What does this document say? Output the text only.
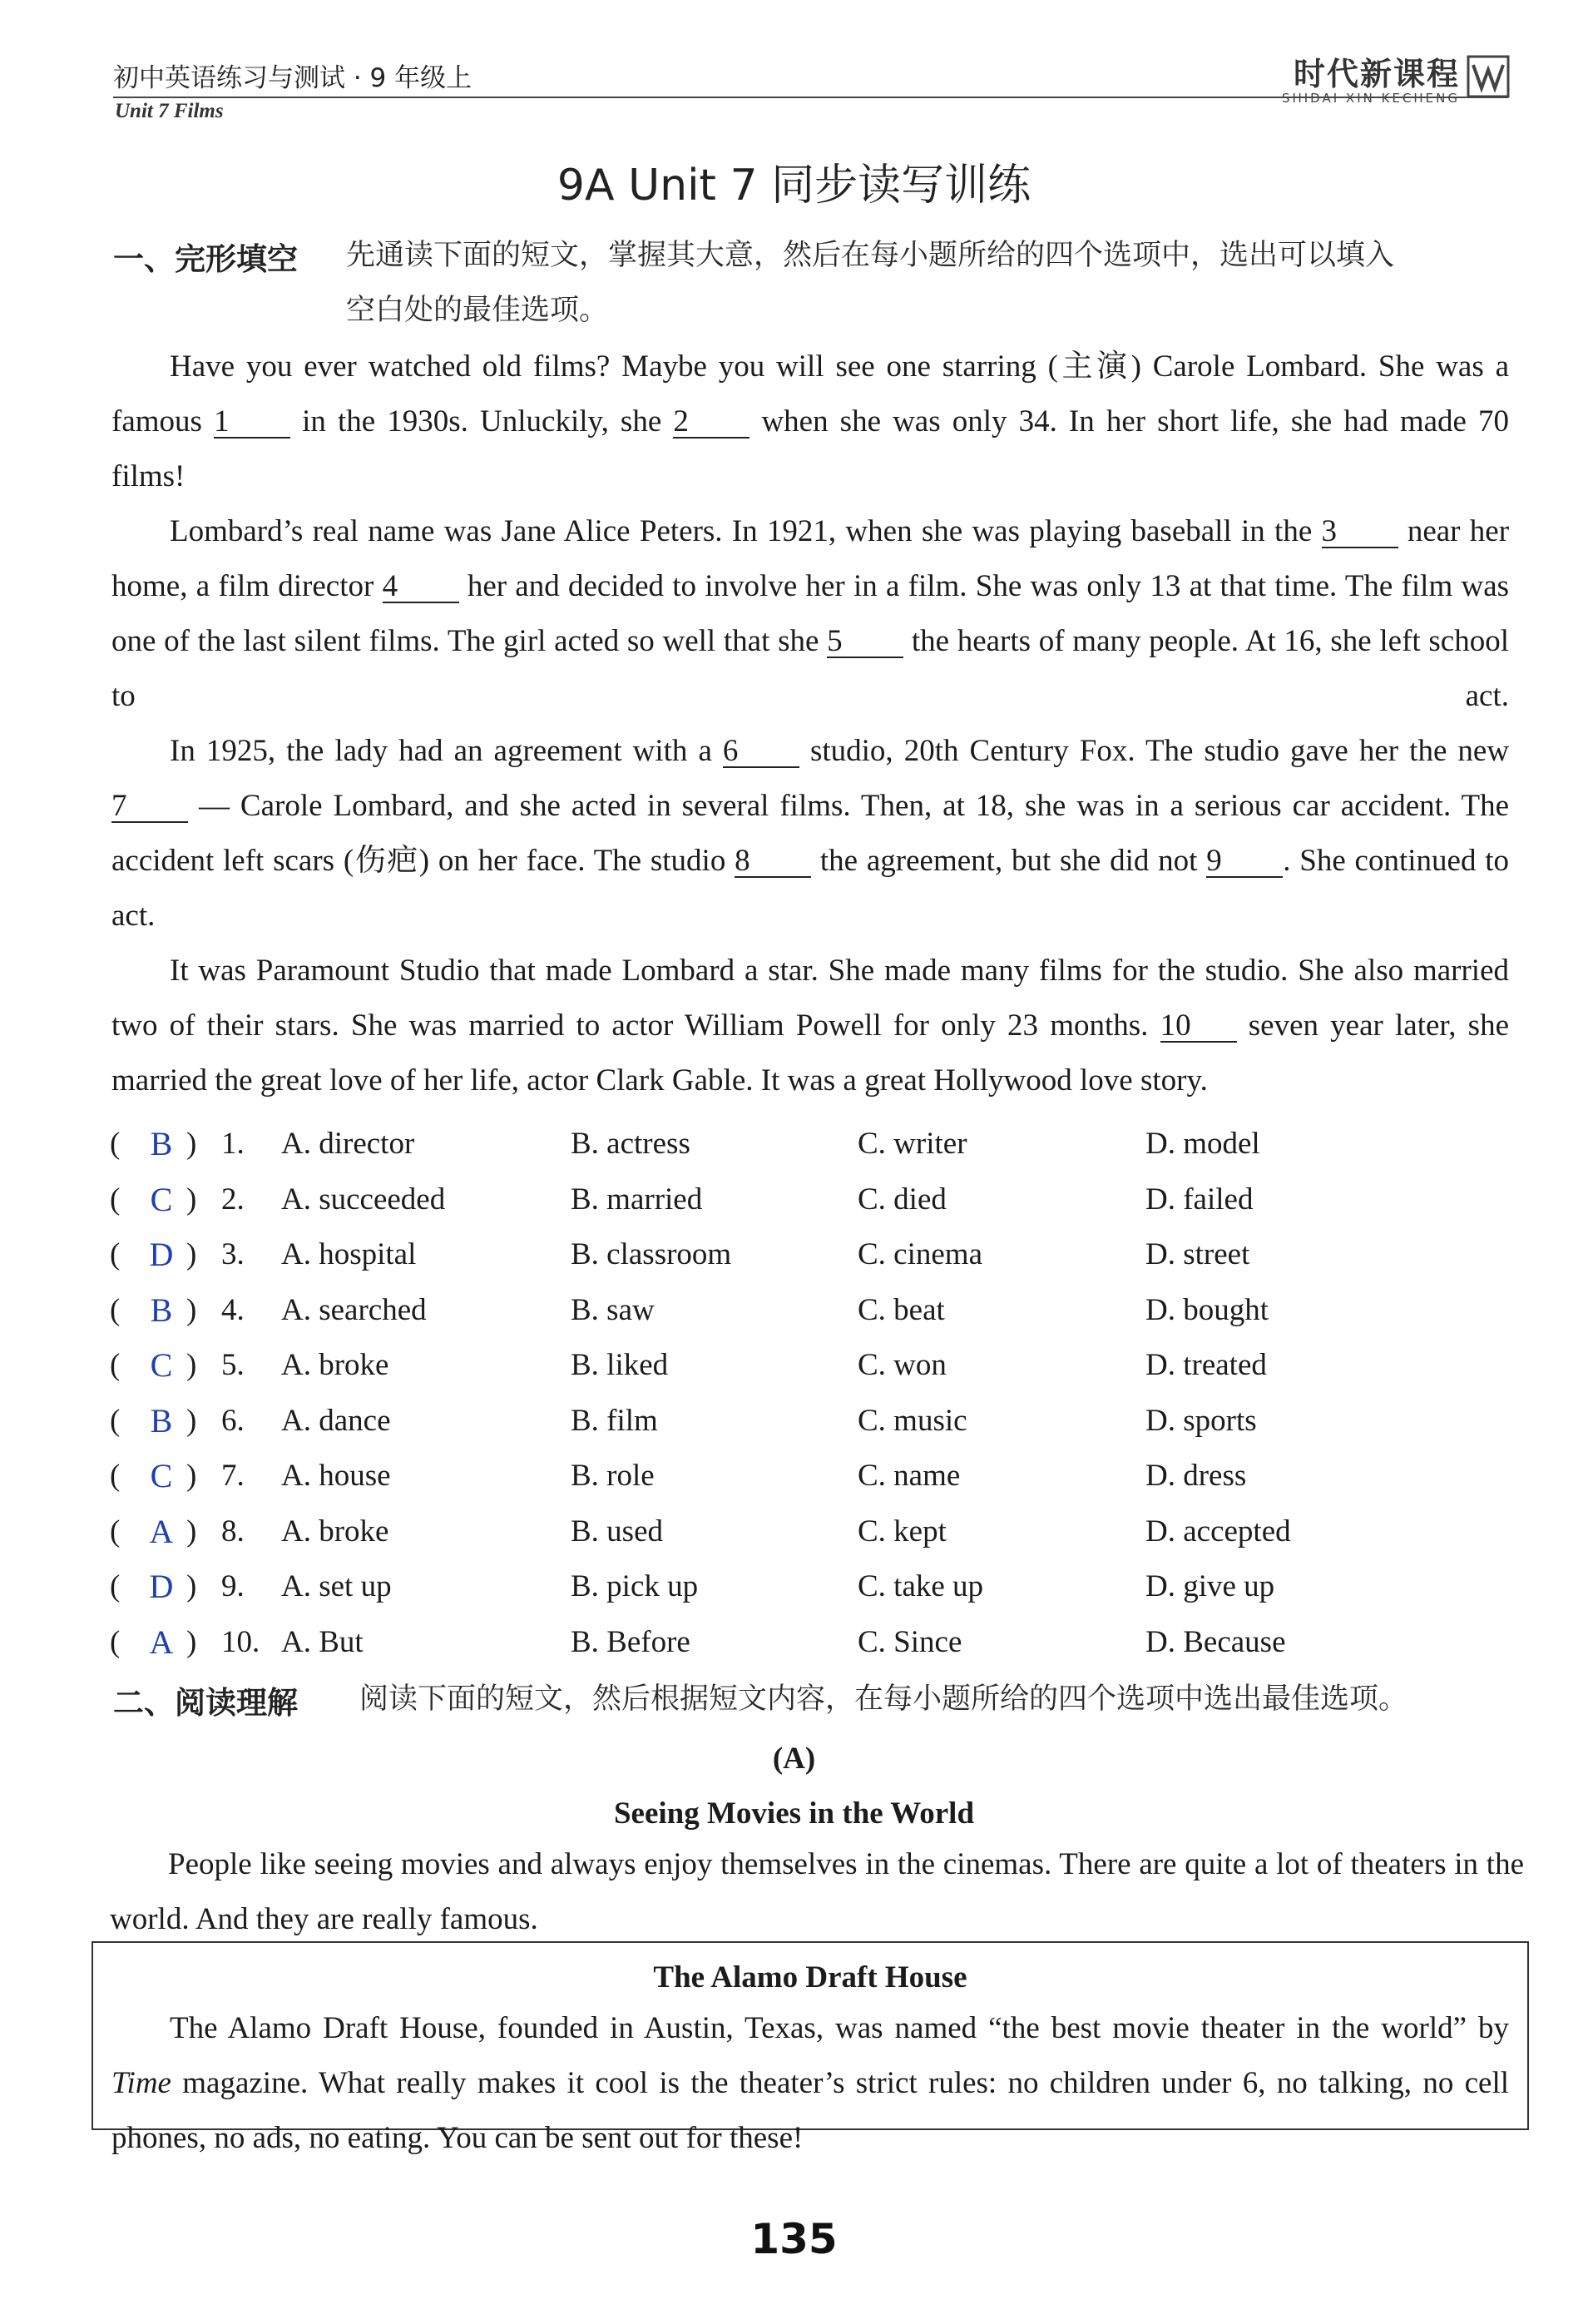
初中英语练习与测试 · 9 年级上
Unit 7 Films
时代新课程
SHIDAI XIN KECHENG
9A Unit 7 同步读写训练
一、完形填空 先通读下面的短文，掌握其大意，然后在每小题所给的四个选项中，选出可以填入
空白处的最佳选项。

Have you ever watched old films? Maybe you will see one starring (主演) Carole Lombard. She was a famous 1 in the 1930s. Unluckily, she 2 when she was only 34. In her short life, she had made 70 films!

Lombard’s real name was Jane Alice Peters. In 1921, when she was playing baseball in the 3 near her home, a film director 4 her and decided to involve her in a film. She was only 13 at that time. The film was one of the last silent films. The girl acted so well that she 5 the hearts of many people. At 16, she left school to act.

In 1925, the lady had an agreement with a 6 studio, 20th Century Fox. The studio gave her the new 7 — Carole Lombard, and she acted in several films. Then, at 18, she was in a serious car accident. The accident left scars (伤疤) on her face. The studio 8 the agreement, but she did not 9 . She continued to act.

It was Paramount Studio that made Lombard a star. She made many films for the studio. She also married two of their stars. She was married to actor William Powell for only 23 months. 10 seven year later, she married the great love of her life, actor Clark Gable. It was a great Hollywood love story.

( B ) 1. A. director	B. actress	C. writer	D. model
( C ) 2. A. succeeded	B. married	C. died	D. failed
( D ) 3. A. hospital	B. classroom	C. cinema	D. street
( B ) 4. A. searched	B. saw	C. beat	D. bought
( C ) 5. A. broke	B. liked	C. won	D. treated
( B ) 6. A. dance	B. film	C. music	D. sports
( C ) 7. A. house	B. role	C. name	D. dress
( A ) 8. A. broke	B. used	C. kept	D. accepted
( D ) 9. A. set up	B. pick up	C. take up	D. give up
( A ) 10. A. But	B. Before	C. Since	D. Because
二、阅读理解 阅读下面的短文，然后根据短文内容，在每小题所给的四个选项中选出最佳选项。
(A)
Seeing Movies in the World

People like seeing movies and always enjoy themselves in the cinemas. There are quite a lot of theaters in the world. And they are really famous.

The Alamo Draft House

The Alamo Draft House, founded in Austin, Texas, was named “the best movie theater in the world” by Time magazine. What really makes it cool is the theater’s strict rules: no children under 6, no talking, no cell phones, no ads, no eating. You can be sent out for these!

135
